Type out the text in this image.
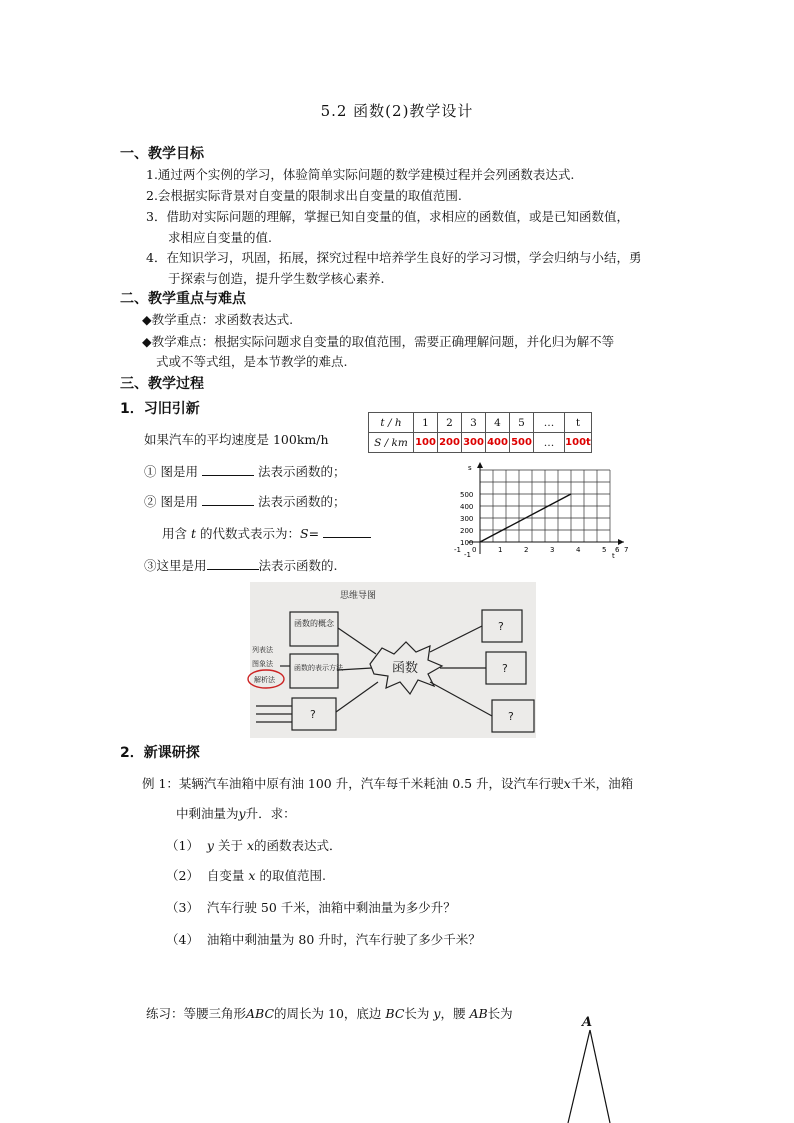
5.2 函数(2)教学设计
一、教学目标
1.通过两个实例的学习，体验简单实际问题的数学建模过程并会列函数表达式.
2.会根据实际背景对自变量的限制求出自变量的取值范围.
3．借助对实际问题的理解，掌握已知自变量的值，求相应的函数值，或是已知函数值，
求相应自变量的值.
4．在知识学习，巩固，拓展，探究过程中培养学生良好的学习习惯，学会归纳与小结，勇
于探索与创造，提升学生数学核心素养.
二、教学重点与难点
◆教学重点：求函数表达式.
◆教学难点：根据实际问题求自变量的取值范围，需要正确理解问题，并化归为解不等
式或不等式组，是本节教学的难点.
三、教学过程
1．习旧引新
如果汽车的平均速度是 100km/h
① 图是用	法表示函数的；
② 图是用	法表示函数的；
用含 t 的代数式表示为：S=
③这里是用	法表示函数的.
t / h	1	2	3	4	5	…	t
S / km	100	200	300	400	500	…	100t
s
t
500
400
300
200
100
-1
-1 0	1	2	3	4	5 6 7
思维导图
函数的概念
函数的表示方法	函数
?
?
?
?
列表法
图象法
解析法
2．新课研探
例 1：某辆汽车油箱中原有油 100 升，汽车每千米耗油 0.5 升，设汽车行驶x千米，油箱
中剩油量为y升．求：
（1） y 关于 x的函数表达式．
（2） 自变量 x 的取值范围.
（3） 汽车行驶 50 千米，油箱中剩油量为多少升？
（4） 油箱中剩油量为 80 升时，汽车行驶了多少千米？
练习：等腰三角形ABC的周长为 10，底边 BC长为 y，腰 AB长为
A
